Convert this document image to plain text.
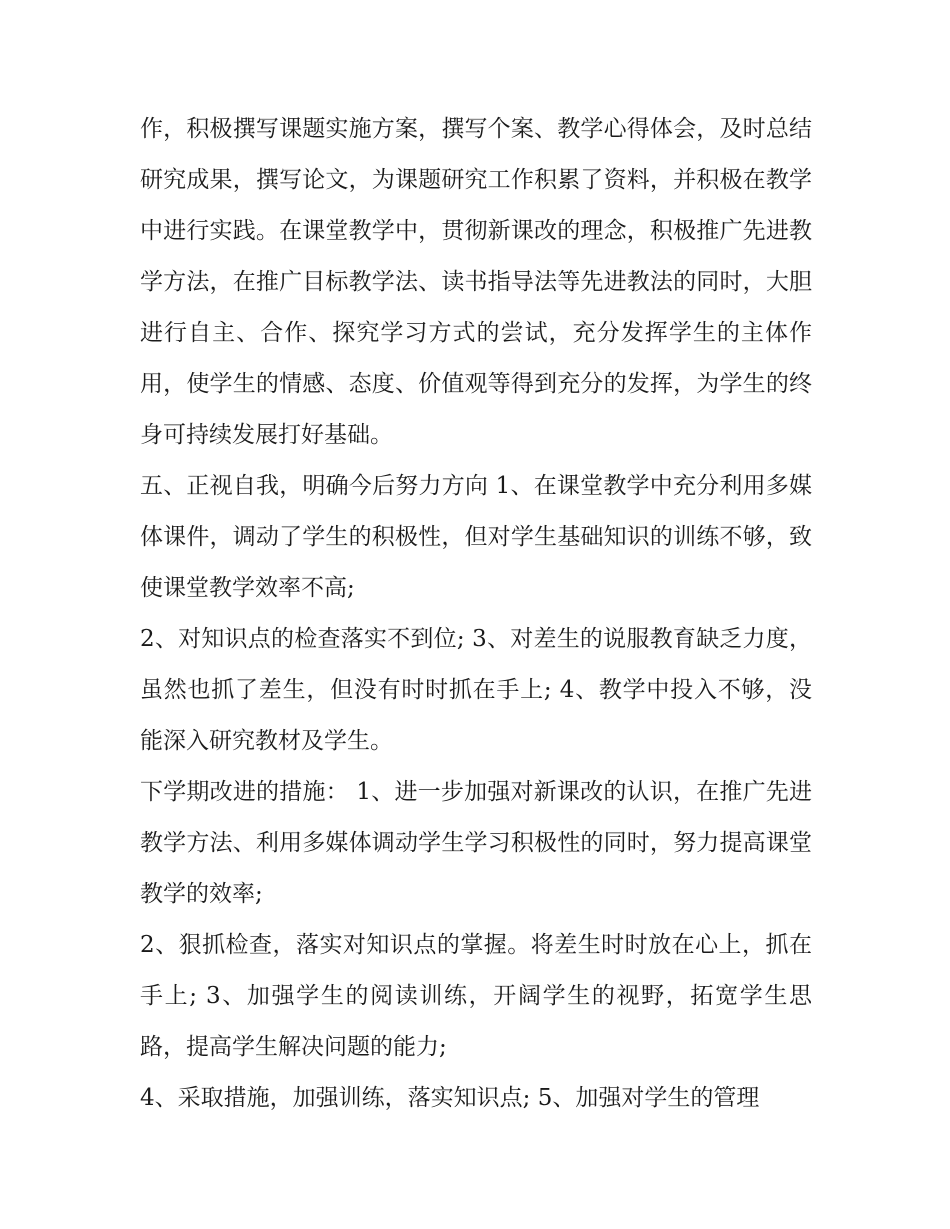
作，积极撰写课题实施方案，撰写个案、教学心得体会，及时总结研究成果，撰写论文，为课题研究工作积累了资料，并积极在教学中进行实践。在课堂教学中，贯彻新课改的理念，积极推广先进教学方法，在推广目标教学法、读书指导法等先进教法的同时，大胆进行自主、合作、探究学习方式的尝试，充分发挥学生的主体作用，使学生的情感、态度、价值观等得到充分的发挥，为学生的终身可持续发展打好基础。

五、正视自我，明确今后努力方向 1、在课堂教学中充分利用多媒体课件，调动了学生的积极性，但对学生基础知识的训练不够，致使课堂教学效率不高;

2、对知识点的检查落实不到位; 3、对差生的说服教育缺乏力度，虽然也抓了差生，但没有时时抓在手上; 4、教学中投入不够，没能深入研究教材及学生。

下学期改进的措施： 1、进一步加强对新课改的认识，在推广先进教学方法、利用多媒体调动学生学习积极性的同时，努力提高课堂教学的效率;

2、狠抓检查，落实对知识点的掌握。将差生时时放在心上，抓在手上; 3、加强学生的阅读训练，开阔学生的视野，拓宽学生思路，提高学生解决问题的能力;

4、采取措施，加强训练，落实知识点; 5、加强对学生的管理
